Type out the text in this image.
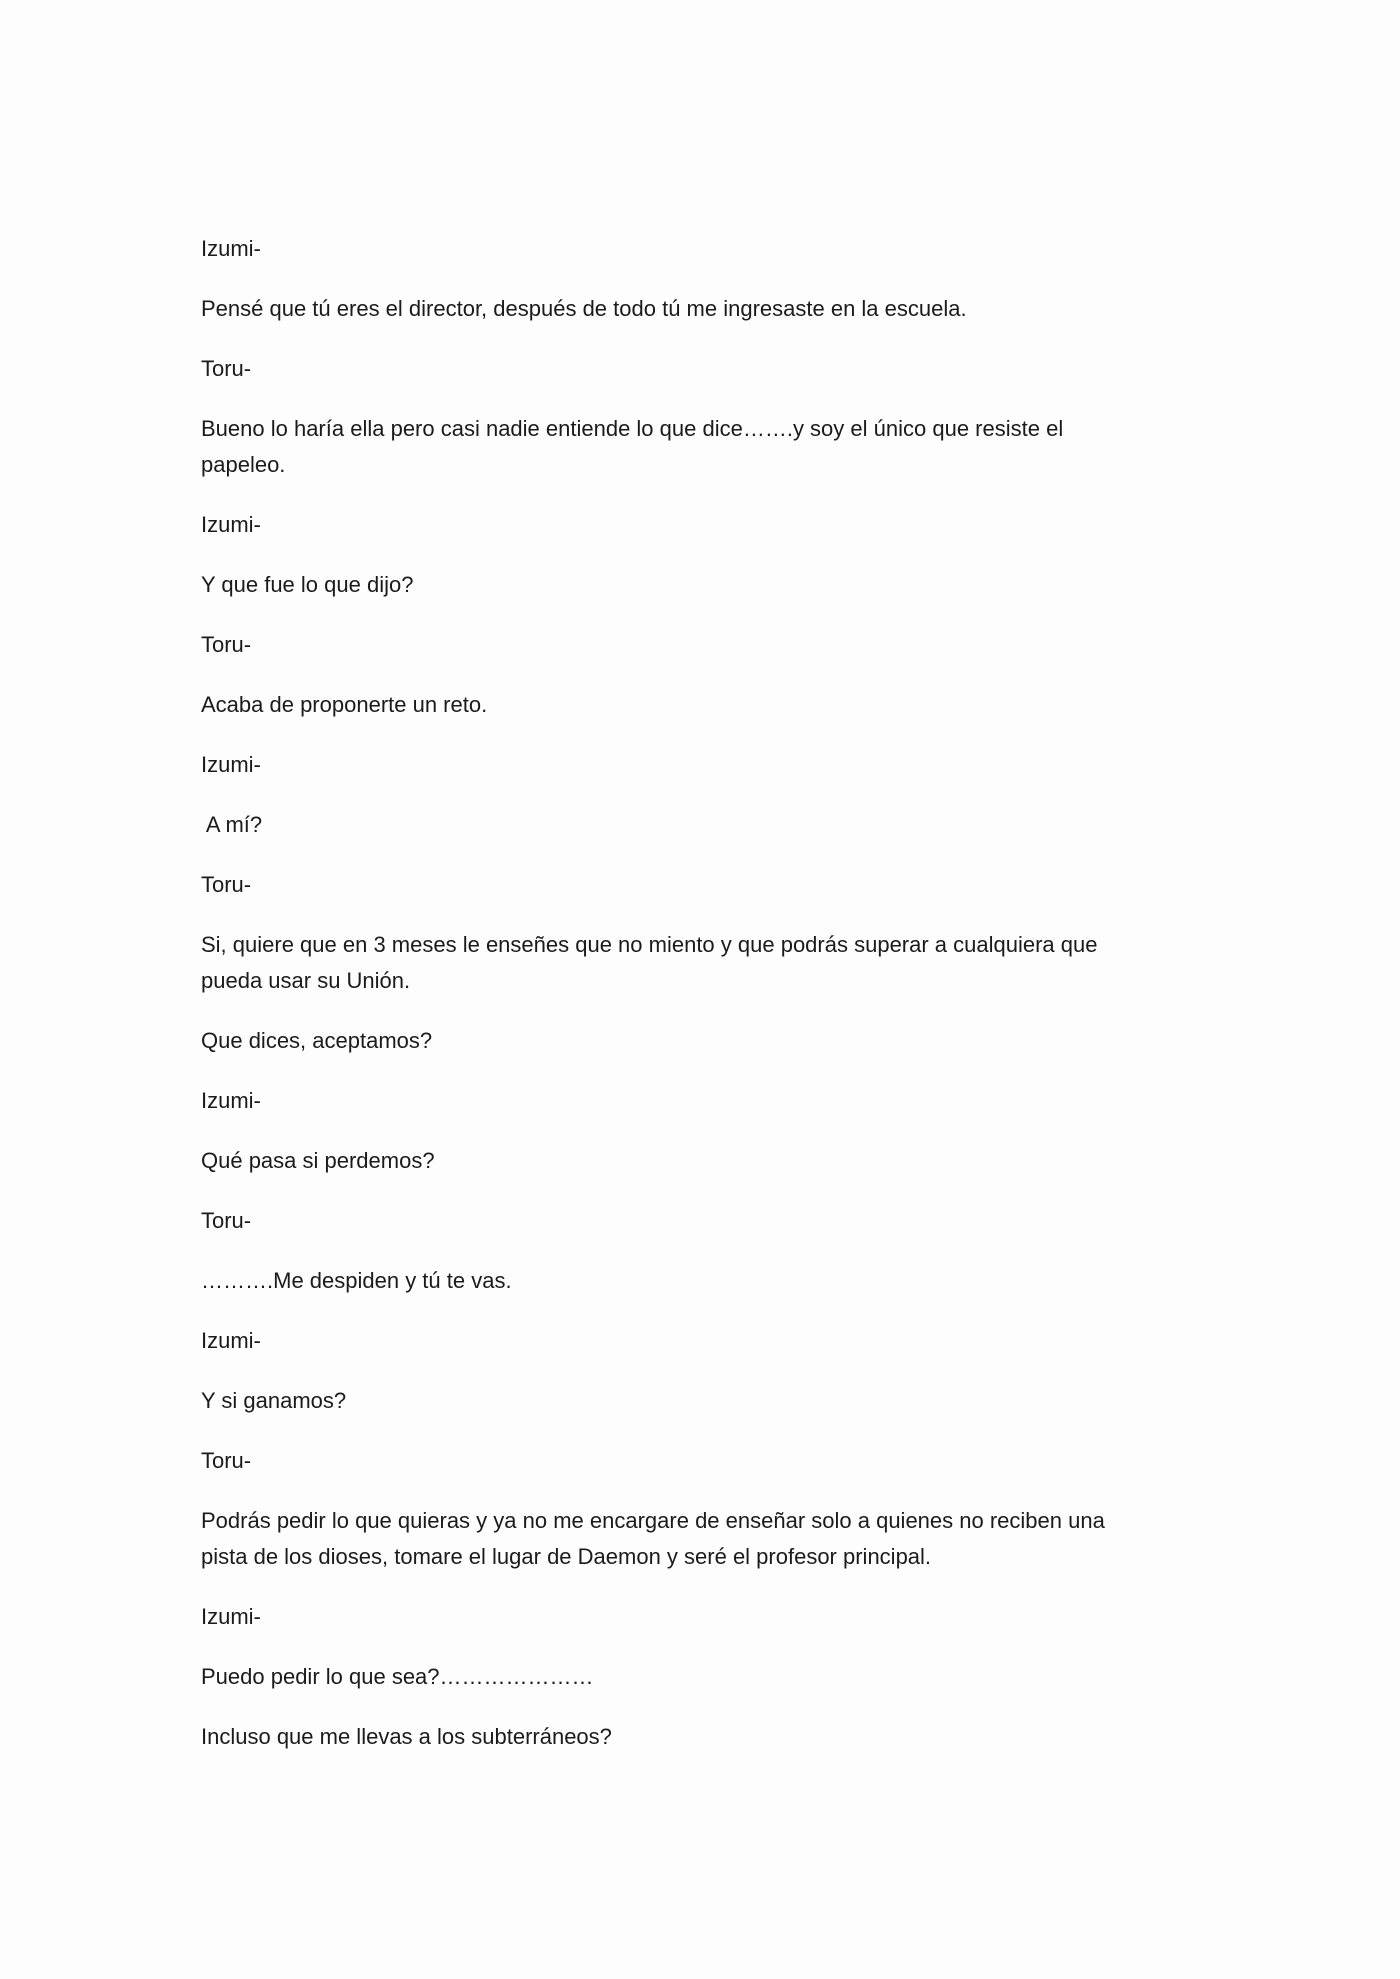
Izumi-

Pensé que tú eres el director, después de todo tú me ingresaste en la escuela.

Toru-

Bueno lo haría ella pero casi nadie entiende lo que dice…….y soy el único que resiste el
papeleo.

Izumi-

Y que fue lo que dijo?

Toru-

Acaba de proponerte un reto.

Izumi-

A mí?

Toru-

Si, quiere que en 3 meses le enseñes que no miento y que podrás superar a cualquiera que
pueda usar su Unión.

Que dices, aceptamos?

Izumi-

Qué pasa si perdemos?

Toru-

……….Me despiden y tú te vas.

Izumi-

Y si ganamos?

Toru-

Podrás pedir lo que quieras y ya no me encargare de enseñar solo a quienes no reciben una
pista de los dioses, tomare el lugar de Daemon y seré el profesor principal.

Izumi-

Puedo pedir lo que sea?…………………

Incluso que me llevas a los subterráneos?
